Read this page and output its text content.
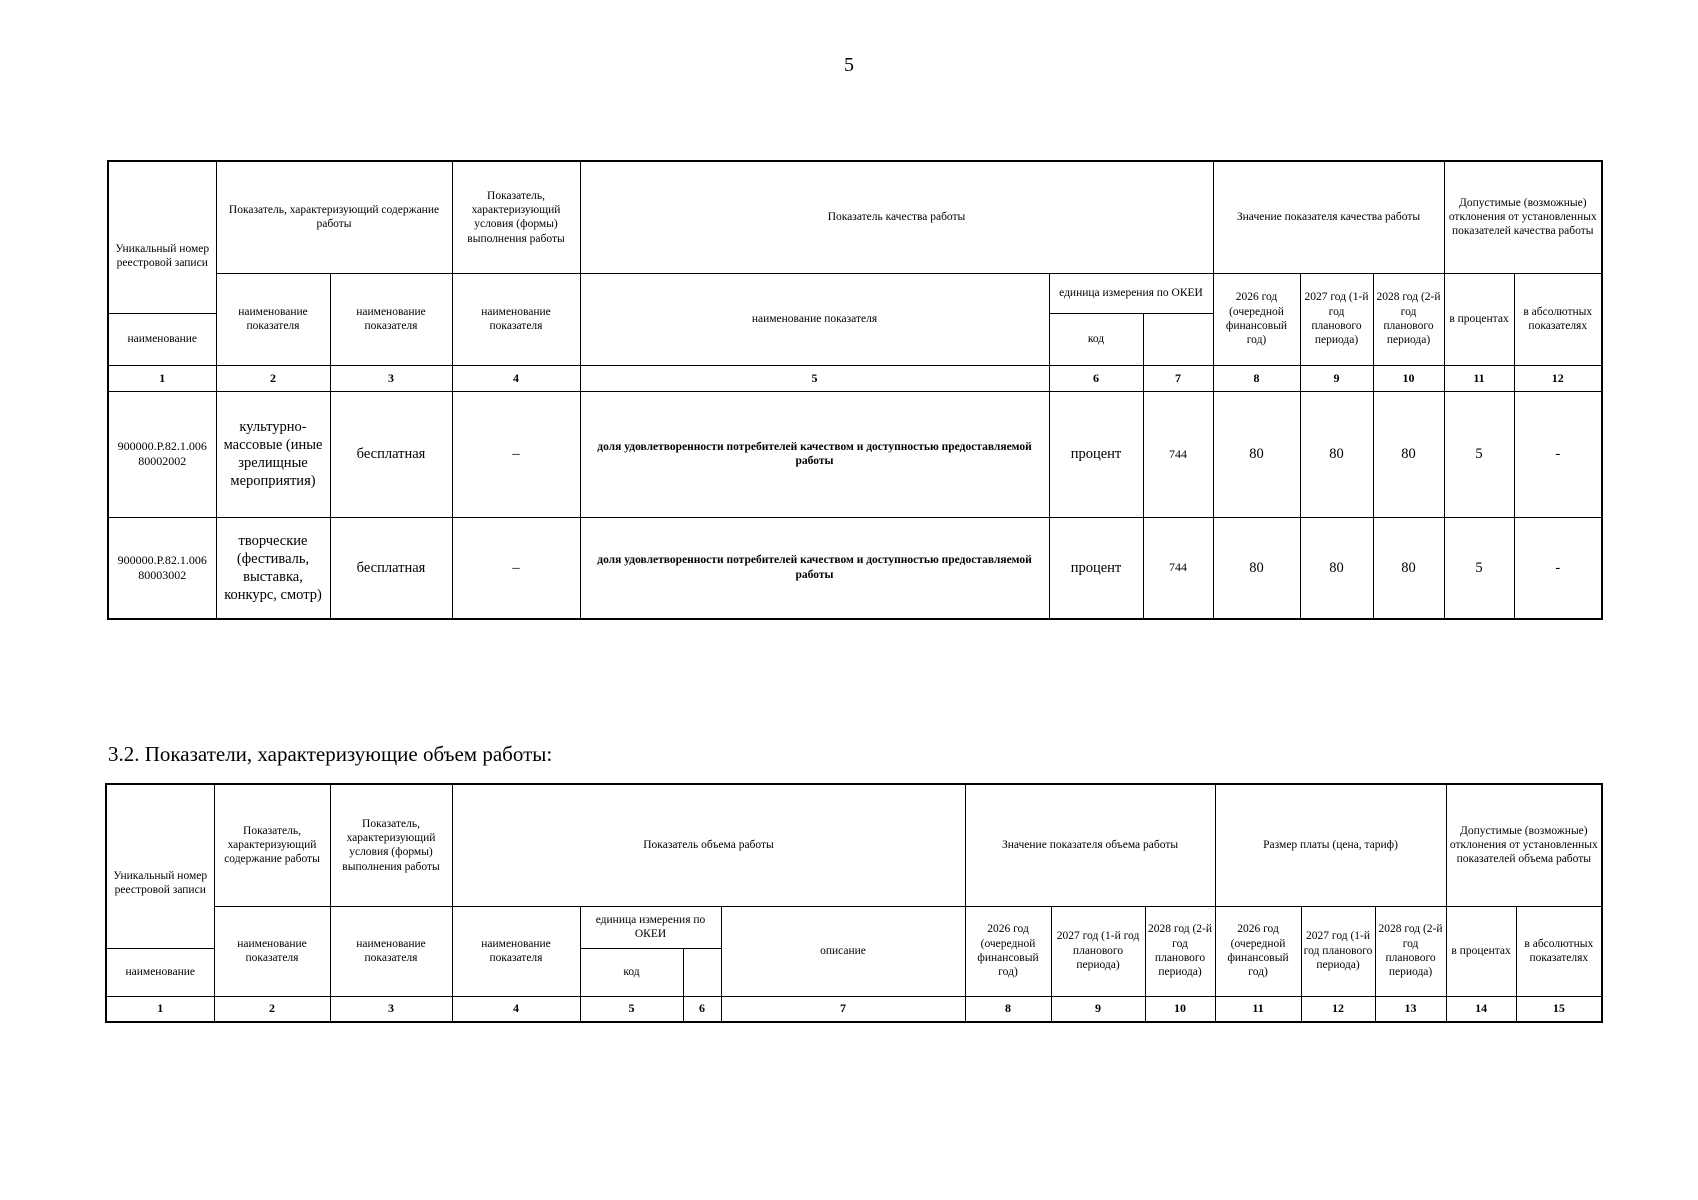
5
Уникальный номер реестровой записи	Показатель, характеризующий содержание работы		Показатель, характеризующий условия (формы) выполнения работы	Показатель качества работы			Значение показателя качества работы			Допустимые (возможные) отклонения от установленных показателей качества работы	
	наименование показателя	наименование показателя	наименование показателя	наименование показателя	единица измерения по ОКЕИ		2026 год (очередной финансовый год)	2027 год (1-й год планового периода)	2028 год (2-й год планового периода)	в процентах	в абсолютных показателях
наименование					код						
1	2	3	4	5	6	7	8	9	10	11	12
900000.Р.82.1.006 80002002	культурно-массовые (иные зрелищные мероприятия)	бесплатная	–	доля удовлетворенности потребителей качеством и доступностью предоставляемой работы	процент	744	80	80	80	5	-
900000.Р.82.1.006 80003002	творческие (фестиваль, выставка, конкурс, смотр)	бесплатная	–	доля удовлетворенности потребителей качеством и доступностью предоставляемой работы	процент	744	80	80	80	5	-
3.2. Показатели, характеризующие объем работы:
Уникальный номер реестровой записи	Показатель, характеризующий содержание работы	Показатель, характеризующий условия (формы) выполнения работы	Показатель объема работы				Значение показателя объема работы			Размер платы (цена, тариф)			Допустимые (возможные) отклонения от установленных показателей объема работы	
	наименование показателя	наименование показателя	наименование показателя	единица измерения по ОКЕИ		описание	2026 год (очередной финансовый год)	2027 год (1-й год планового периода)	2028 год (2-й год планового периода)	2026 год (очередной финансовый год)	2027 год (1-й год планового периода)	2028 год (2-й год планового периода)	в процентах	в абсолютных показателях
наименование				код										
1	2	3	4	5	6	7	8	9	10	11	12	13	14	15
